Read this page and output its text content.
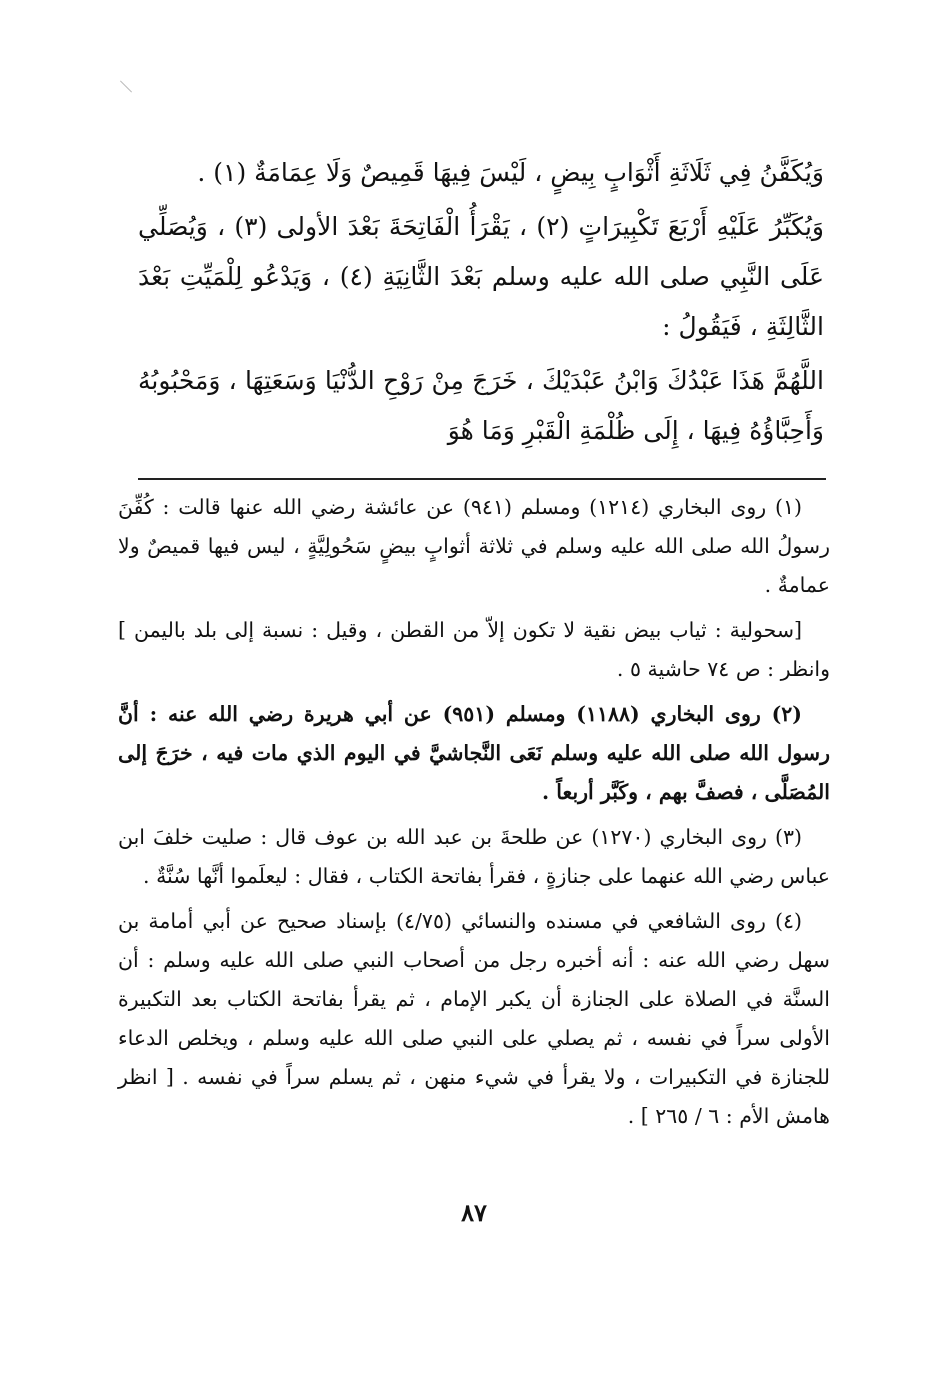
وَيُكَفَّنُ فِي ثَلَاثَةِ أَثْوَابٍ بِيضٍ ، لَيْسَ فِيهَا قَمِيصٌ وَلَا عِمَامَةٌ (١) .

وَيُكَبِّرُ عَلَيْهِ أَرْبَعَ تَكْبِيرَاتٍ (٢) ، يَقْرَأُ الْفَاتِحَةَ بَعْدَ الأولى (٣) ، وَيُصَلِّي عَلَى النَّبِي صلى الله عليه وسلم بَعْدَ الثَّانِيَةِ (٤) ، وَيَدْعُو لِلْمَيِّتِ بَعْدَ الثَّالِثَةِ ، فَيَقُولُ :

اللَّهُمَّ هَذَا عَبْدُكَ وَابْنُ عَبْدَيْكَ ، خَرَجَ مِنْ رَوْحِ الدُّنْيَا وَسَعَتِهَا ، وَمَحْبُوبُهُ وَأَحِبَّاؤُهُ فِيهَا ، إِلَى ظُلْمَةِ الْقَبْرِ وَمَا هُوَ

(١) روى البخاري (١٢١٤) ومسلم (٩٤١) عن عائشة رضي الله عنها قالت : كُفِّنَ رسولُ الله صلى الله عليه وسلم في ثلاثة أثوابٍ بيضٍ سَحُولِيَّةٍ ، ليس فيها قميصٌ ولا عمامةٌ .

[سحولية : ثياب بيض نقية لا تكون إلاّ من القطن ، وقيل : نسبة إلى بلد باليمن ] وانظر : ص ٧٤ حاشية ٥ .

(٢) روى البخاري (١١٨٨) ومسلم (٩٥١) عن أبي هريرة رضي الله عنه : أنَّ رسول الله صلى الله عليه وسلم نَعَى النَّجاشيَّ في اليوم الذي مات فيه ، خرَجَ إلى المُصَلَّى ، فصفَّ بهم ، وكَبَّر أربعاً .

(٣) روى البخاري (١٢٧٠) عن طلحةَ بن عبد الله بن عوف قال : صليت خلفَ ابن عباس رضي الله عنهما على جنازةٍ ، فقرأ بفاتحة الكتاب ، فقال : ليعلَموا أنَّها سُنَّةٌ .

(٤) روى الشافعي في مسنده والنسائي (٤/٧٥) بإسناد صحيح عن أبي أمامة بن سهل رضي الله عنه : أنه أخبره رجل من أصحاب النبي صلى الله عليه وسلم : أن السنَّة في الصلاة على الجنازة أن يكبر الإمام ، ثم يقرأ بفاتحة الكتاب بعد التكبيرة الأولى سراً في نفسه ، ثم يصلي على النبي صلى الله عليه وسلم ، ويخلص الدعاء للجنازة في التكبيرات ، ولا يقرأ في شيء منهن ، ثم يسلم سراً في نفسه . [ انظر هامش الأم : ٦ / ٢٦٥ ] .

٨٧
